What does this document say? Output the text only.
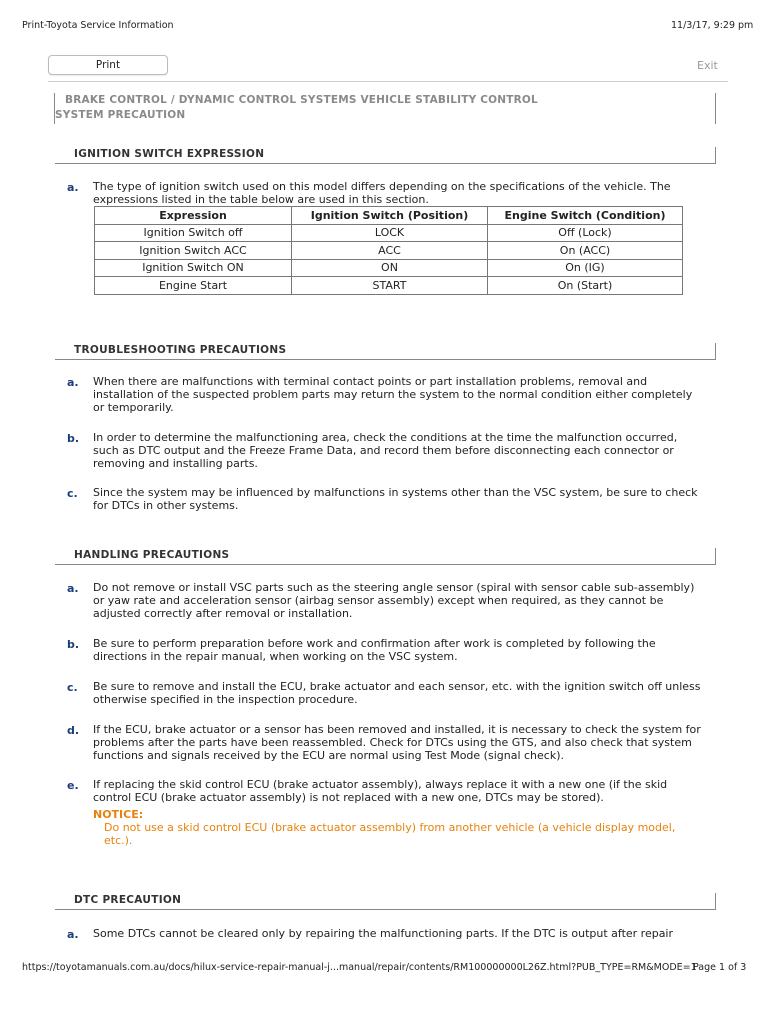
Print-Toyota Service Information	11/3/17, 9:29 pm
Print	Exit
BRAKE CONTROL / DYNAMIC CONTROL SYSTEMS VEHICLE STABILITY CONTROL
SYSTEM PRECAUTION
IGNITION SWITCH EXPRESSION
a. The type of ignition switch used on this model differs depending on the specifications of the vehicle. The expressions listed in the table below are used in this section.
Expression	Ignition Switch (Position)	Engine Switch (Condition)
Ignition Switch off	LOCK	Off (Lock)
Ignition Switch ACC	ACC	On (ACC)
Ignition Switch ON	ON	On (IG)
Engine Start	START	On (Start)
TROUBLESHOOTING PRECAUTIONS
a. When there are malfunctions with terminal contact points or part installation problems, removal and installation of the suspected problem parts may return the system to the normal condition either completely or temporarily.
b. In order to determine the malfunctioning area, check the conditions at the time the malfunction occurred, such as DTC output and the Freeze Frame Data, and record them before disconnecting each connector or removing and installing parts.
c. Since the system may be influenced by malfunctions in systems other than the VSC system, be sure to check for DTCs in other systems.
HANDLING PRECAUTIONS
a. Do not remove or install VSC parts such as the steering angle sensor (spiral with sensor cable sub-assembly) or yaw rate and acceleration sensor (airbag sensor assembly) except when required, as they cannot be adjusted correctly after removal or installation.
b. Be sure to perform preparation before work and confirmation after work is completed by following the directions in the repair manual, when working on the VSC system.
c. Be sure to remove and install the ECU, brake actuator and each sensor, etc. with the ignition switch off unless otherwise specified in the inspection procedure.
d. If the ECU, brake actuator or a sensor has been removed and installed, it is necessary to check the system for problems after the parts have been reassembled. Check for DTCs using the GTS, and also check that system functions and signals received by the ECU are normal using Test Mode (signal check).
e. If replacing the skid control ECU (brake actuator assembly), always replace it with a new one (if the skid control ECU (brake actuator assembly) is not replaced with a new one, DTCs may be stored).
NOTICE:
Do not use a skid control ECU (brake actuator assembly) from another vehicle (a vehicle display model, etc.).
DTC PRECAUTION
a. Some DTCs cannot be cleared only by repairing the malfunctioning parts. If the DTC is output after repair
https://toyotamanuals.com.au/docs/hilux-service-repair-manual-j...manual/repair/contents/RM100000000L26Z.html?PUB_TYPE=RM&MODE=1
Page 1 of 3
